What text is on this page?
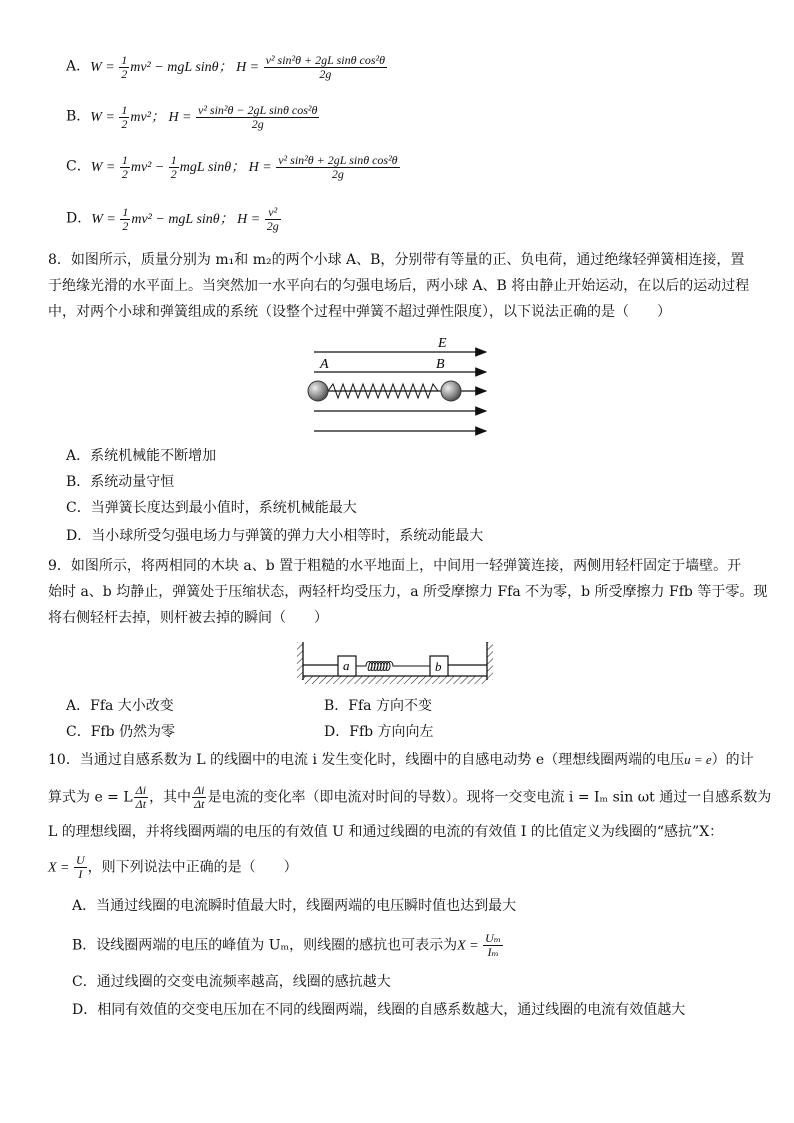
A．$W = \frac{1}{2} mv^2$ − mgL sinθ； $H = \frac{\text{v² sin²θ + 2gL sinθ cos²θ}}{2g}$
B．$W = \frac{1}{2} mv^2$； $H = \frac{\text{v² sin²θ − 2gL sinθ cos²θ}}{2g}$
C．$W = \frac{1}{2} mv^2 - \frac{1}{2}$ mgL sinθ； $H = \frac{\text{v² sin²θ + 2gL sinθ cos²θ}}{2g}$
D．$W = \frac{1}{2} mv^2$ − mgL sinθ； $H = \frac{\text{v²}}{2g}$
8．如图所示，质量分别为 m₁和 m₂的两个小球 A、B，分别带有等量的正、负电荷，通过绝缘轻弹簧相连接，置
于绝缘光滑的水平面上。当突然加一水平向右的匀强电场后，两小球 A、B 将由静止开始运动，在以后的运动过程
中，对两个小球和弹簧组成的系统（设整个过程中弹簧不超过弹性限度），以下说法正确的是（　　）
E
A	B
A．系统机械能不断增加
B．系统动量守恒
C．当弹簧长度达到最小值时，系统机械能最大
D．当小球所受匀强电场力与弹簧的弹力大小相等时，系统动能最大
9．如图所示，将两相同的木块 a、b 置于粗糙的水平地面上，中间用一轻弹簧连接，两侧用轻杆固定于墙壁。开
始时 a、b 均静止，弹簧处于压缩状态，两轻杆均受压力，a 所受摩擦力 Ffa 不为零，b 所受摩擦力 Ffb 等于零。现
将右侧轻杆去掉，则杆被去掉的瞬间（　　）
a	b
A．Ffa 大小改变	B．Ffa 方向不变
C．Ffb 仍然为零	D．Ffb 方向向左
10．当通过自感系数为 L 的线圈中的电流 i 发生变化时，线圈中的自感电动势 e（理想线圈两端的电压u = e）的计
算式为 e = L $\frac{\Delta i}{\Delta t}$ ，其中 $\frac{\Delta i}{\Delta t}$ 是电流的变化率（即电流对时间的导数）。现将一交变电流 i = Iₘ sin ωt 通过一自感系数为
L 的理想线圈，并将线圈两端的电压的有效值 U 和通过线圈的电流的有效值 I 的比值定义为线圈的“感抗”X：
$X = \frac{U}{I}$ ，则下列说法中正确的是（　　）
A．当通过线圈的电流瞬时值最大时，线圈两端的电压瞬时值也达到最大
B．设线圈两端的电压的峰值为 Uₘ，则线圈的感抗也可表示为$X = \frac{\text{Uₘ}}{\text{Iₘ}}$
C．通过线圈的交变电流频率越高，线圈的感抗越大
D．相同有效值的交变电压加在不同的线圈两端，线圈的自感系数越大，通过线圈的电流有效值越大
